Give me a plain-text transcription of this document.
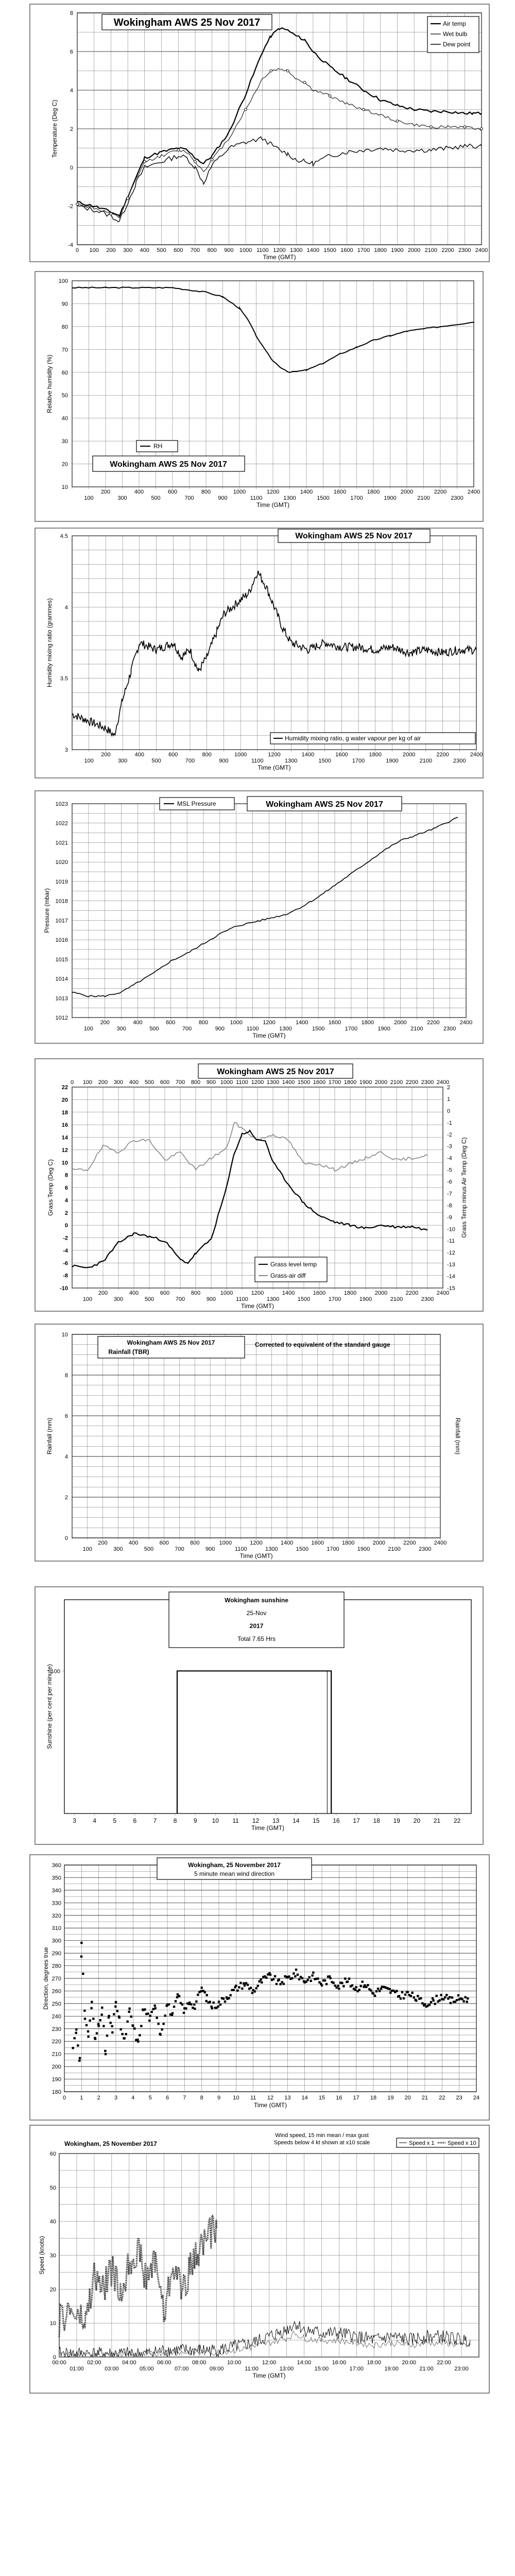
-4
-2
0
2
4
6
8
0 100 200 300 400 500 600 700 800 900 1000 1100 1200 1300 1400 1500 1600 1700 1800 1900 2000 2100 2200 2300 2400
Time (GMT)
Temperature (Deg C)
Wokingham AWS 25 Nov 2017	Air temp
Wet bulb
Dew point
10
20
30
40
50
60
70
80
90
100
200	400	600	800	1000	1200	1400	1600	1800	2000	2200	2400
100	300	500	700	900	1100	1300	1500	1700	1900	2100	2300
Time (GMT)
Relative humidity (%)
RH
Wokingham AWS 25 Nov 2017
3
3.5
4
4.5
200	400	600	800	1000	1200	1400	1600	1800	2000	2200	2400
100	300	500	700	900	1100	1300	1500	1700	1900	2100	2300
Time (GMT)
Humidity mixing ratio (grammes)
Wokingham AWS 25 Nov 2017
Humidity mixing ratio, g water vapour per kg of air
1012
1013
1014
1015
1016
1017
1018
1019
1020
1021
1022
1023
200	400	600	800	1000	1200	1400	1600	1800	2000	2200	2400
100	300	500	700	900	1100	1300	1500	1700	1900	2100	2300
Time (GMT)
Pressure (mbar)
MSL Pressure	Wokingham AWS 25 Nov 2017
-10
-8
-6
-4
-2
0
2
4
6
8
10
12
14
16
18
20
22
-15
-14
-13
-12
-11
-10
-9
-8
-7
-6
-5
-4
-3
-2
-1
0
1
2
0 100 200 300 400 500 600 700 800 900 1000 1100 1200 1300 1400 1500 1600 1700 1800 1900 2000 2100 2200 2300 2400
200	400	600	800	1000	1200	1400	1600	1800	2000	2200	2400
100	300	500	700	900	1100	1300	1500	1700	1900	2100	2300
Time (GMT)
Grass Temp (Deg C)	Grass Temp minus Air Temp (Deg C)
Wokingham AWS 25 Nov 2017
Grass level temp
Grass-air diff
0
2
4
6
8
10
200	400	600	800	1000	1200	1400	1600	1800	2000	2200	2400
100	300	500	700	900	1100	1300	1500	1700	1900	2100	2300
Time (GMT)
Rainfall (mm)	Rainfall (mm)
Wokingham AWS 25 Nov 2017
Rainfall (TBR)
Corrected to equivalent of the standard gauge
3	4	5	6	7	8	9 10 11 12 13 14 15 16 17 18 19 20 21 22
Time (GMT)
100
Sunshine (per cent per minute)
Wokingham sunshine
25-Nov
2017
Total 7.65 Hrs
180
190
200
210
220
230
240
250
260
270
280
290
300
310
320
330
340
350
360
0 1 2 3 4 5 6 7 8 9 10 11 12 13 14 15 16 17 18 19 20 21 22 23 24
Time (GMT)
Direction, degrees true
Wokingham, 25 November 2017
5 minute mean wind direction
0
10
20
30
40
50
60
00:00	02:00	04:00	06:00	08:00	10:00	12:00	14:00	16:00	18:00	20:00	22:00
01:00	03:00	05:00	07:00	09:00	11:00	13:00	15:00	17:00	19:00	21:00	23:00
Time (GMT)
Speed (knots)
Wokingham, 25 November 2017
Wind speed, 15 min mean / max gust
Speeds below 4 kt shown at x10 scale	Speed x 1 Speed x 10
